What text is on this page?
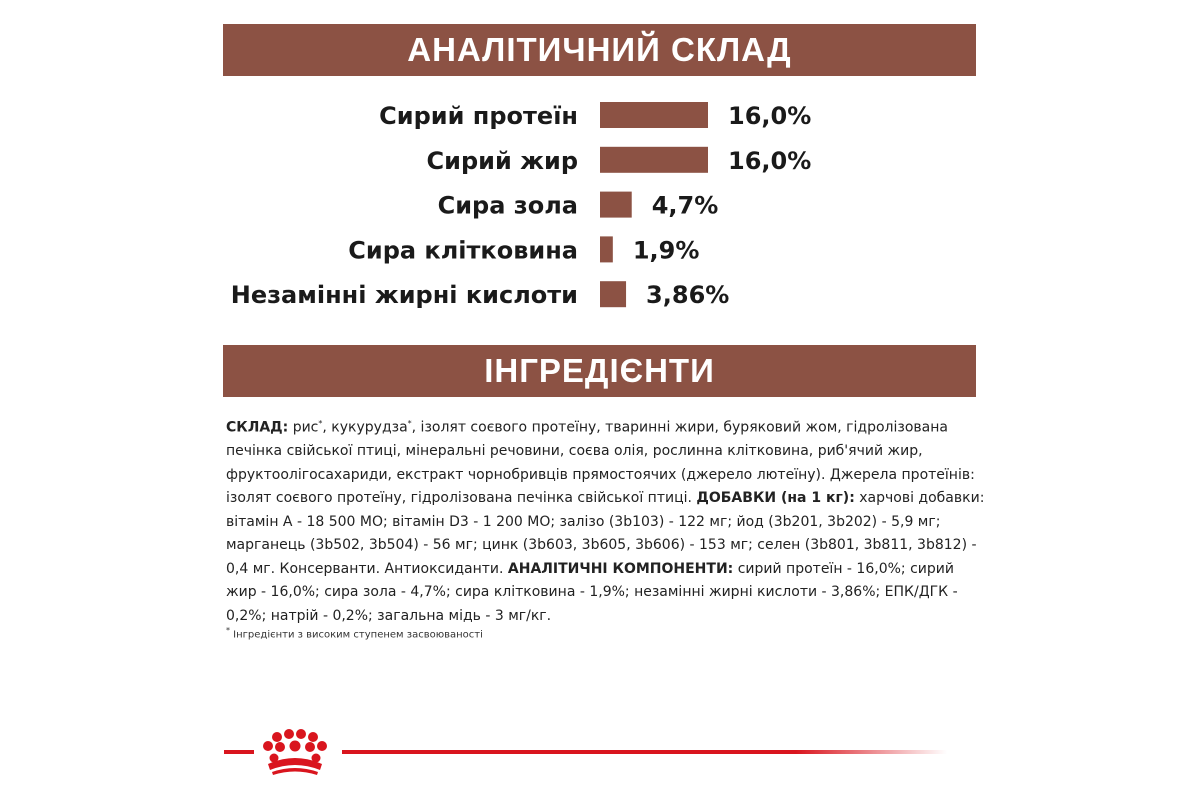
АНАЛІТИЧНИЙ СКЛАД
Сирий протеїн	16,0%
Сирий жир	16,0%
Сира зола	4,7%
Сира клітковина 1,9%
Незамінні жирні кислоти	3,86%
ІНГРЕДІЄНТИ
СКЛАД: рис*, кукурудза*, ізолят соєвого протеїну, тваринні жири, буряковий жом, гідролізована печінка свійської птиці, мінеральні речовини, соєва олія, рослинна клітковина, риб'ячий жир, фруктоолігосахариди, екстракт чорнобривців прямостоячих (джерело лютеїну). Джерела протеїнів: ізолят соєвого протеїну, гідролізована печінка свійської птиці. ДОБАВКИ (на 1 кг): харчові добавки: вітамін А - 18 500 МО; вітамін D3 - 1 200 МО; залізо (3b103) - 122 мг; йод (3b201, 3b202) - 5,9 мг; марганець (3b502, 3b504) - 56 мг; цинк (3b603, 3b605, 3b606) - 153 мг; селен (3b801, 3b811, 3b812) - 0,4 мг. Консерванти. Антиоксиданти. АНАЛІТИЧНІ КОМПОНЕНТИ: сирий протеїн - 16,0%; сирий жир - 16,0%; сира зола - 4,7%; сира клітковина - 1,9%; незамінні жирні кислоти - 3,86%; ЕПК/ДГК - 0,2%; натрій - 0,2%; загальна мідь - 3 мг/кг.
* Інгредієнти з високим ступенем засвоюваності
